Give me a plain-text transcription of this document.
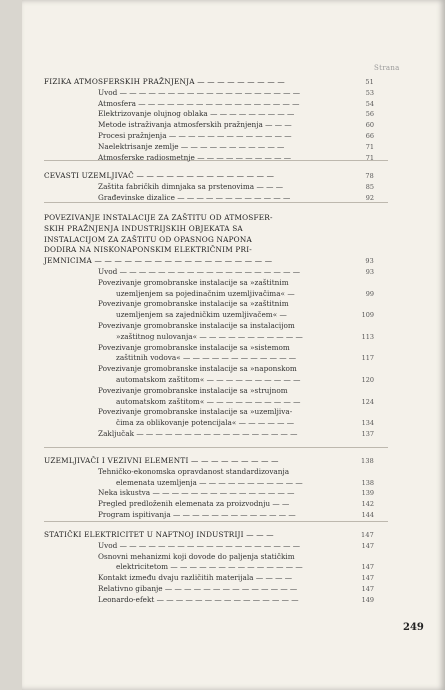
Strana
249
FIZIKA ATMOSFERSKIH PRAŽNJENJA — — — — — — — — —	51
Uvod — — — — — — — — — — — — — — — — — — —	53
Atmosfera — — — — — — — — — — — — — — — — —	54
Elektrizovanje olujnog oblaka — — — — — — — — —	56
Metode istraživanja atmosferskih pražnjenja — — —	60
Procesi pražnjenja — — — — — — — — — — — — —	66
Naelektrisanje zemlje — — — — — — — — — — —	71
Atmosferske radiosmetnje — — — — — — — — — —	71
CEVASTI UZEMLJIVAČ — — — — — — — — — — — — — —	78
Zaštita fabričkih dimnjaka sa prstenovima — — —	85
Građevinske dizalice — — — — — — — — — — — —	92
POVEZIVANJE INSTALACIJE ZA ZAŠTITU OD ATMOSFER-
SKIH PRAŽNJENJA INDUSTRIJSKIH OBJEKATA SA
INSTALACIJOM ZA ZAŠTITU OD OPASNOG NAPONA
DODIRA NA NISKONAPONSKIM ELEKTRIČNIM PRI-
JEMNICIMA — — — — — — — — — — — — — — — — — —	93
Uvod — — — — — — — — — — — — — — — — — — —	93
Povezivanje gromobranske instalacije sa »zaštitnim
uzemljenjem sa pojedinačnim uzemljivačima« —	99
Povezivanje gromobranske instalacije sa »zaštitnim
uzemljenjem sa zajedničkim uzemljivačem« —	109
Povezivanje gromobranske instalacije sa instalacijom
»zaštitnog nulovanja« — — — — — — — — — — —	113
Povezivanje gromobranske instalacije sa »sistemom
zaštitnih vodova« — — — — — — — — — — — —	117
Povezivanje gromobranske instalacije sa »naponskom
automatskom zaštitom« — — — — — — — — — —	120
Povezivanje gromobranske instalacije sa »strujnom
automatskom zaštitom« — — — — — — — — — —	124
Povezivanje gromobranske instalacije sa »uzemljiva-
čima za oblikovanje potencijala« — — — — — —	134
Zaključak — — — — — — — — — — — — — — — — —	137
UZEMLJIVAČI I VEZIVNI ELEMENTI — — — — — — — — —	138
Tehničko-ekonomska opravdanost standardizovanja
elemenata uzemljenja — — — — — — — — — — —	138
Neka iskustva — — — — — — — — — — — — — — —	139
Pregled predloženih elemenata za proizvodnju — —	142
Program ispitivanja — — — — — — — — — — — — —	144
STATIČKI ELEKTRICITET U NAFTNOJ INDUSTRIJI — — —	147
Uvod — — — — — — — — — — — — — — — — — — —	147
Osnovni mehanizmi koji dovode do paljenja statičkim
elektricitetom — — — — — — — — — — — — — —	147
Kontakt između dvaju različitih materijala — — — —	147
Relativno gibanje — — — — — — — — — — — — — —	147
Leonardo-efekt — — — — — — — — — — — — — — —	149
